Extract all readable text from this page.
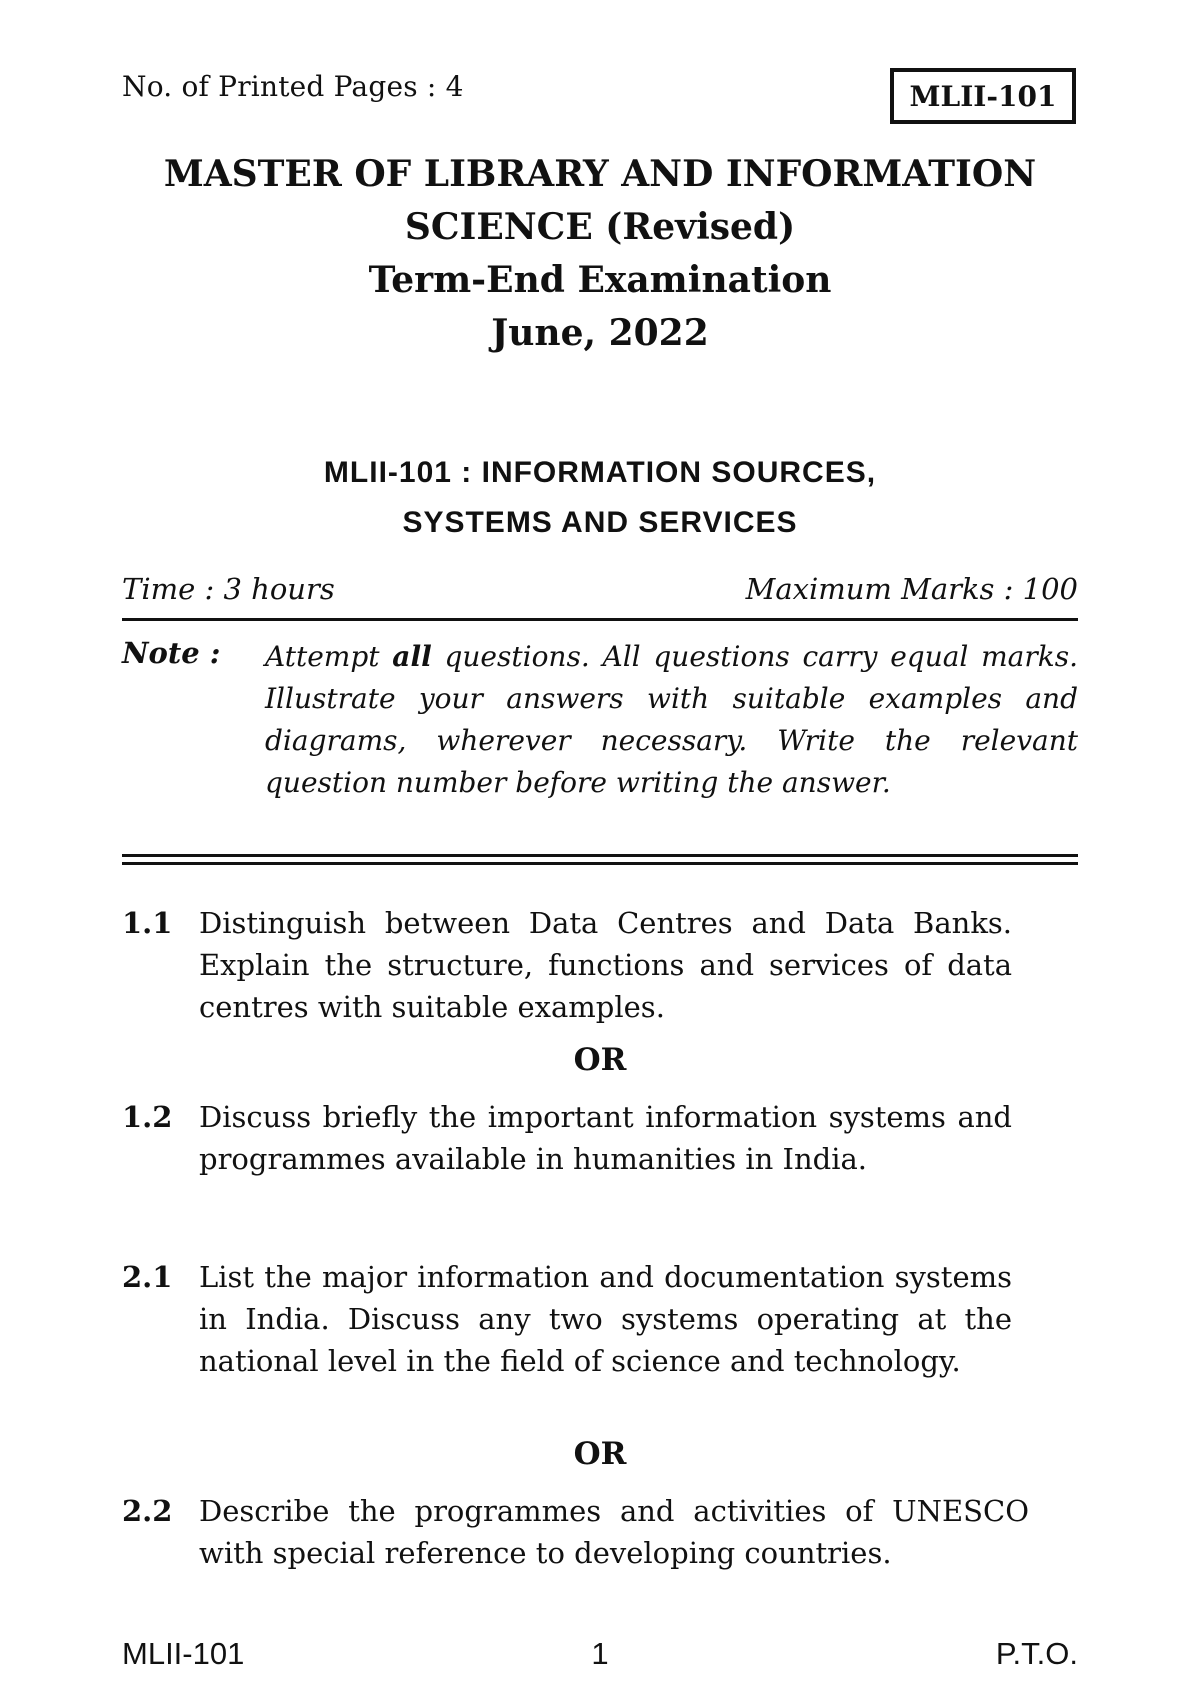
No. of Printed Pages : 4	MLII-101
MASTER OF LIBRARY AND INFORMATION
SCIENCE (Revised)
Term-End Examination
June, 2022
MLII-101 : INFORMATION SOURCES,
SYSTEMS AND SERVICES
Time : 3 hours	Maximum Marks : 100
Note : Attempt all questions. All questions carry equal marks. Illustrate your answers with suitable examples and diagrams, wherever necessary. Write the relevant question number before writing the answer.
1.1 Distinguish between Data Centres and Data Banks. Explain the structure, functions and services of data centres with suitable examples.
OR
1.2 Discuss briefly the important information systems and programmes available in humanities in India.
2.1 List the major information and documentation systems in India. Discuss any two systems operating at the national level in the field of science and technology.
OR
2.2 Describe the programmes and activities of UNESCO with special reference to developing countries.
MLII-101	1	P.T.O.
